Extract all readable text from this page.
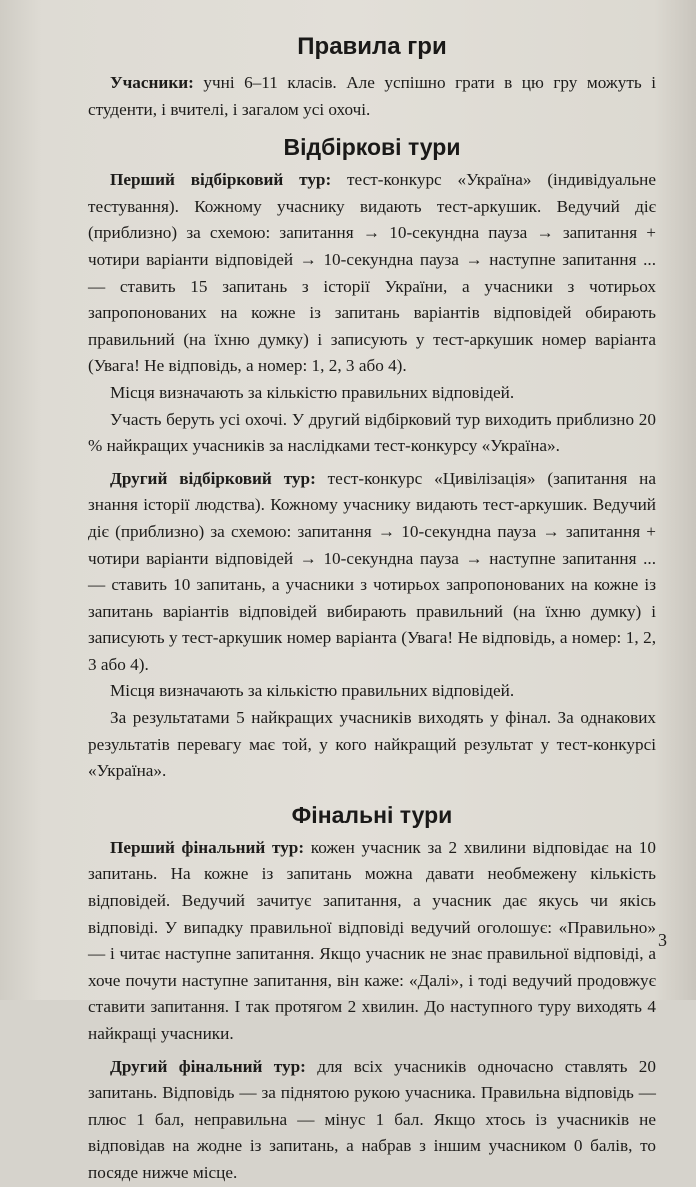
Правила гри

Учасники: учні 6–11 класів. Але успішно грати в цю гру можуть і студенти, і вчителі, і загалом усі охочі.

Відбіркові тури

Перший відбірковий тур: тест-конкурс «Україна» (індивідуальне тестування). Кожному учаснику видають тест-аркушик. Ведучий діє (приблизно) за схемою: запитання → 10-секундна пауза → запитання + чотири варіанти відповідей → 10-секундна пауза → наступне запитання ... — ставить 15 запитань з історії України, а учасники з чотирьох запропонованих на кожне із запитань варіантів відповідей обирають правильний (на їхню думку) і записують у тест-аркушик номер варіанта (Увага! Не відповідь, а номер: 1, 2, 3 або 4).

Місця визначають за кількістю правильних відповідей.

Участь беруть усі охочі. У другий відбірковий тур виходить приблизно 20 % найкращих учасників за наслідками тест-конкурсу «Україна».

Другий відбірковий тур: тест-конкурс «Цивілізація» (запитання на знання історії людства). Кожному учаснику видають тест-аркушик. Ведучий діє (приблизно) за схемою: запитання → 10-секундна пауза → запитання + чотири варіанти відповідей → 10-секундна пауза → наступне запитання ... — ставить 10 запитань, а учасники з чотирьох запропонованих на кожне із запитань варіантів відповідей вибирають правильний (на їхню думку) і записують у тест-аркушик номер варіанта (Увага! Не відповідь, а номер: 1, 2, 3 або 4).

Місця визначають за кількістю правильних відповідей.

За результатами 5 найкращих учасників виходять у фінал. За однакових результатів перевагу має той, у кого найкращий результат у тест-конкурсі «Україна».

Фінальні тури

Перший фінальний тур: кожен учасник за 2 хвилини відповідає на 10 запитань. На кожне із запитань можна давати необмежену кількість відповідей. Ведучий зачитує запитання, а учасник дає якусь чи якісь відповіді. У випадку правильної відповіді ведучий оголошує: «Правильно» — і читає наступне запитання. Якщо учасник не знає правильної відповіді, а хоче почути наступне запитання, він каже: «Далі», і тоді ведучий продовжує ставити запитання. І так протягом 2 хвилин. До наступного туру виходять 4 найкращі учасники.

Другий фінальний тур: для всіх учасників одночасно ставлять 20 запитань. Відповідь — за піднятою рукою учасника. Правильна відповідь — плюс 1 бал, неправильна — мінус 1 бал. Якщо хтось із учасників не відповідав на жодне із запитань, а набрав з іншим учасником 0 балів, то посяде нижче місце.

3
